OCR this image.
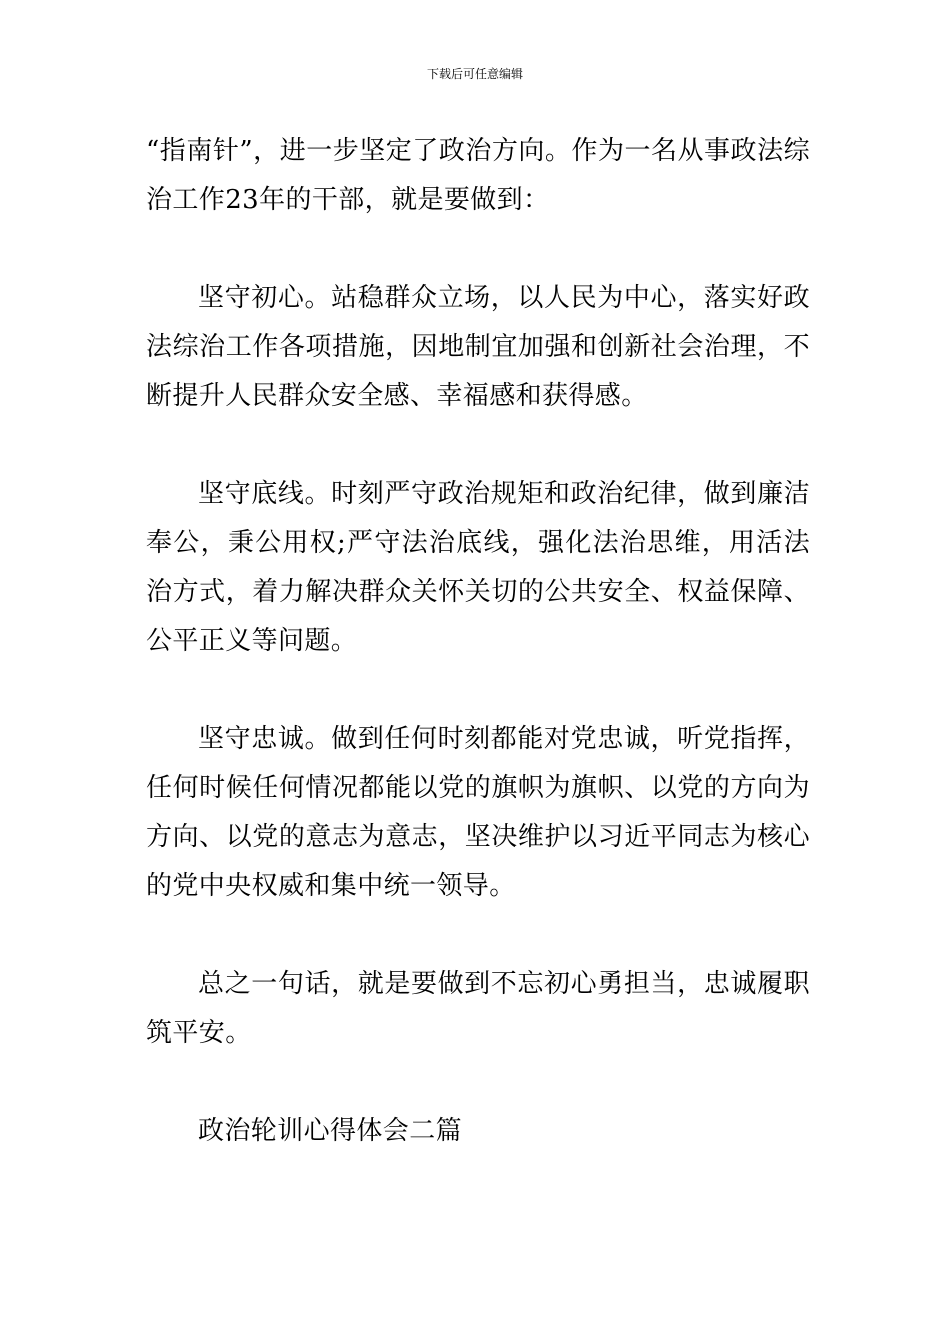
下载后可任意编辑

“指南针”，进一步坚定了政治方向。作为一名从事政法综治工作23年的干部，就是要做到：

坚守初心。站稳群众立场，以人民为中心，落实好政法综治工作各项措施，因地制宜加强和创新社会治理，不断提升人民群众安全感、幸福感和获得感。

坚守底线。时刻严守政治规矩和政治纪律，做到廉洁奉公，秉公用权;严守法治底线，强化法治思维，用活法治方式，着力解决群众关怀关切的公共安全、权益保障、公平正义等问题。

坚守忠诚。做到任何时刻都能对党忠诚，听党指挥，任何时候任何情况都能以党的旗帜为旗帜、以党的方向为方向、以党的意志为意志，坚决维护以习近平同志为核心的党中央权威和集中统一领导。

总之一句话，就是要做到不忘初心勇担当，忠诚履职筑平安。

政治轮训心得体会二篇
